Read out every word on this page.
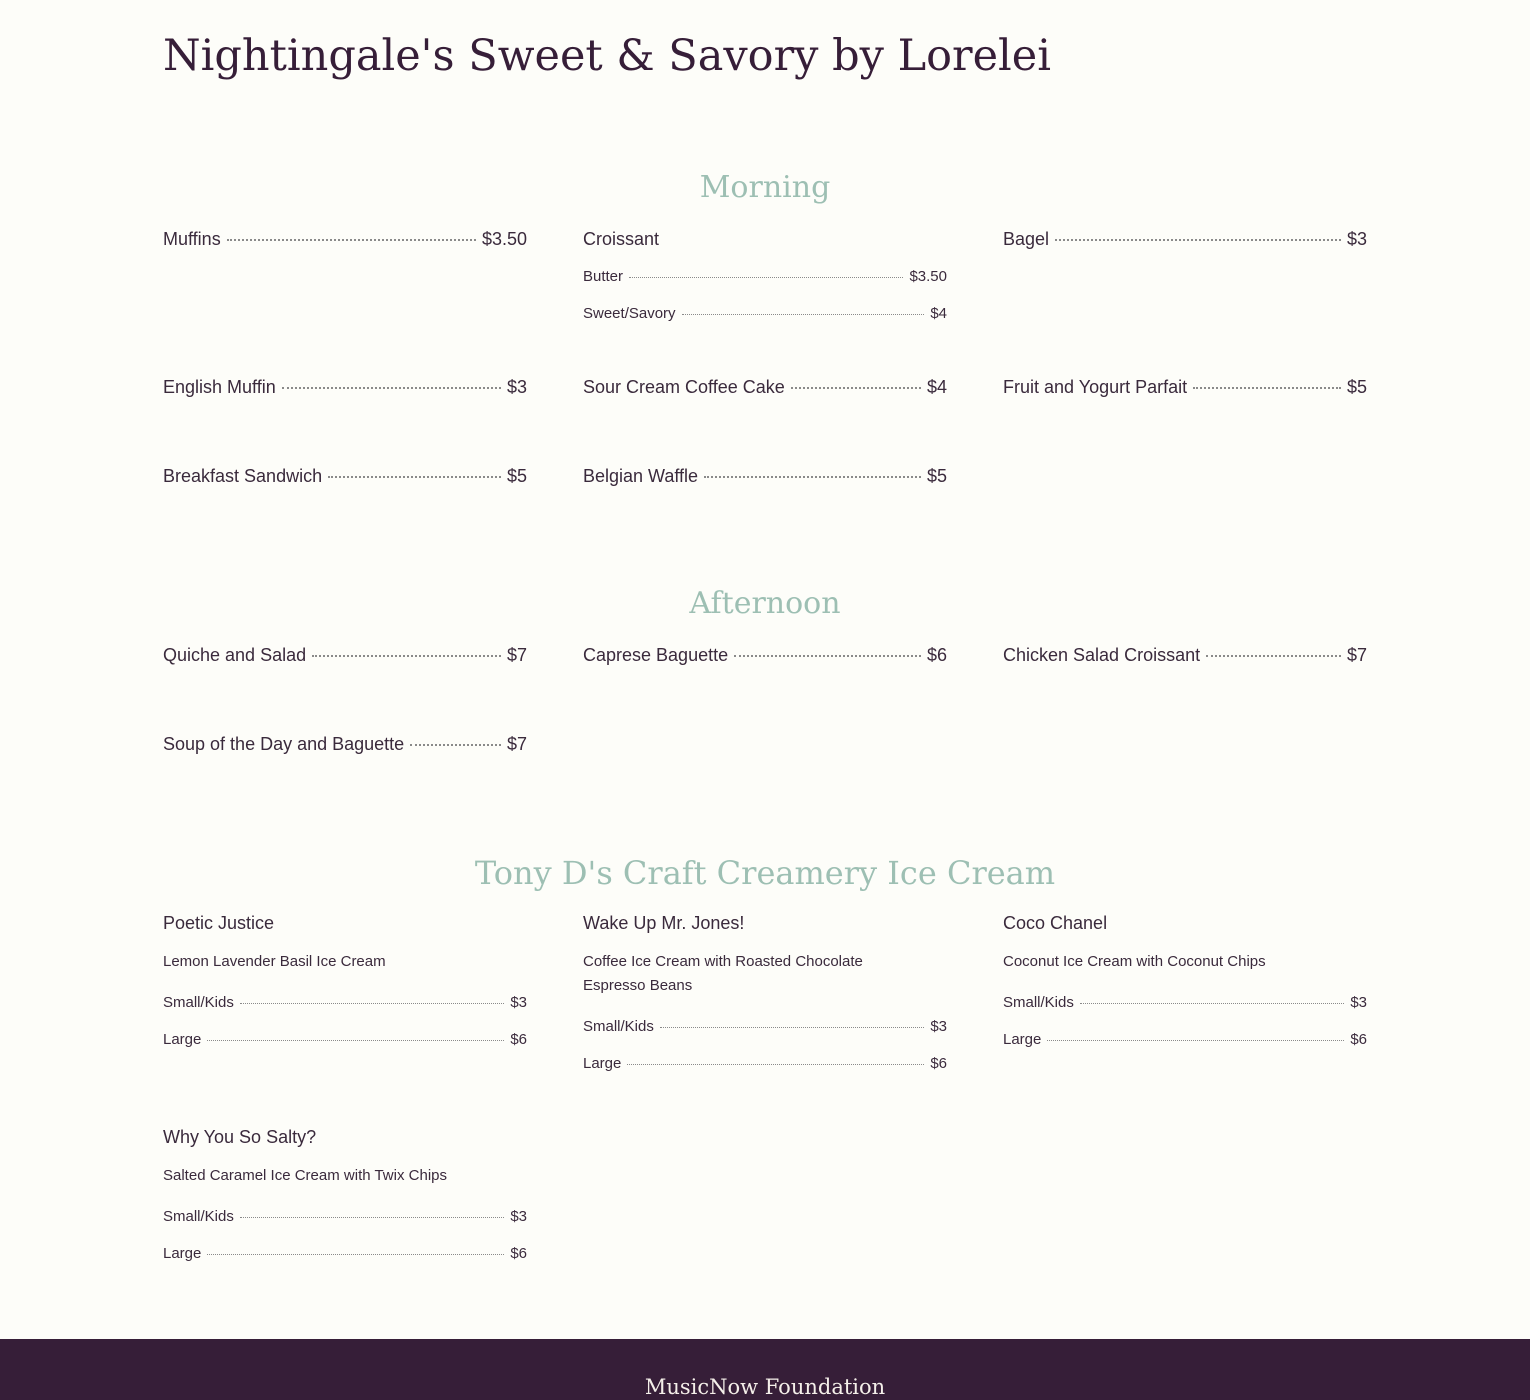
Nightingale's Sweet & Savory by Lorelei
Morning
Muffins	$3.50	Croissant
Butter	$3.50
Sweet/Savory	$4
Bagel	$3
English Muffin	$3	Sour Cream Coffee Cake	$4	Fruit and Yogurt Parfait	$5
Breakfast Sandwich	$5	Belgian Waffle	$5
Afternoon
Quiche and Salad	$7	Caprese Baguette	$6	Chicken Salad Croissant	$7
Soup of the Day and Baguette	$7
Tony D's Craft Creamery Ice Cream
Poetic Justice
Lemon Lavender Basil Ice Cream
Small/Kids	$3
Large	$6
Wake Up Mr. Jones!
Coffee Ice Cream with Roasted Chocolate Espresso Beans
Small/Kids	$3
Large	$6
Coco Chanel
Coconut Ice Cream with Coconut Chips
Small/Kids	$3
Large	$6
Why You So Salty?
Salted Caramel Ice Cream with Twix Chips
Small/Kids	$3
Large	$6
MusicNow Foundation
